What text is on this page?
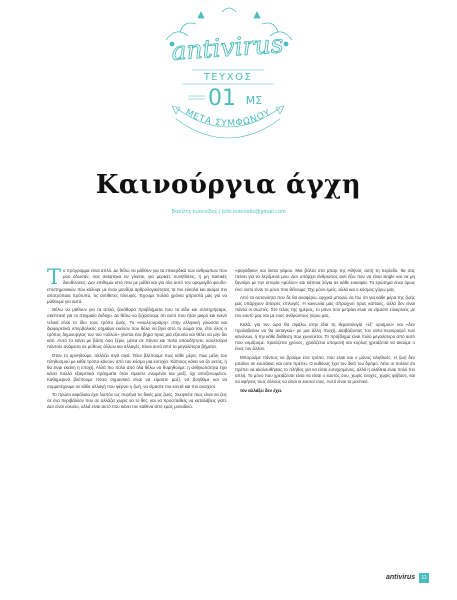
antivirus
ΤΕΥΧΟΣ
01 ΜΣ
ΜΕΤΑ ΣΥΜΦΩΝΟΥ
Καινούργια άγχη
Βασίλης Ιωαννίδης | tolis.ioannidis@gmail.com
Τ ο πρόγραμμα είναι απλό. Δε θέλω να μάθουν για τα επικερδικά των ανθρώπων που μου έδωσαν, σας σκέφτηκα αν γίνεται, για μερικές συνηθίσεις, ή μη τακτικές διευθύνσεις. Δεν επιθυμώ ιστό που με μάθει και για όλο αυτό τον ορυμαγδό ψευδο-επιστημονικών που κάλυψε με έναν μανδύα αρθρολογικότητας τα πιο εύκολα και ακόμα πιο αποτρόπαια πρότυπα, τις αντίθετες πλευρές. Έχουμε πολλά χρόνια μπροστά μας για να μάθουμε για αυτά.

Θέλω να μάθουν για τα απλά, ξεκάθαρα προβλήματα που τα είδα και συντηρήσαμε, σκεπτικοί για το στιγμιαίο έκδοχο. Δε θέλω να ξεχάσουμε ότι αυτό που ήταν μικρό και κοινό τελικά είναι το ίδιο τους τρόπο ζωής. Το «κουλτουριάρη» στην ελληνική γλώσσα και διαφορετικά υπερβολικός σημαίνει εκείνον που θέλει να βγει από το σώμα του, έτσι όλος ο τρόπος δημιουργίας του τού «αλλού» γίνεται ένα βήμα προς μια εξουσία και θέλει να μην δει κάτι. Αυτό το κάνει με βάση όσα ξέρει, μέσα σε πάντα και πολύ οπουδήποτε, κουλτούρα πάντοτε ανάμεσα σε μύθους άλλων και αλλαγές. Είναι αυτό από τα μεγαλύτερα βήματα.

Όταν το αρνηθούμε, αλλάζει σιγά σιγά. Όλοι βλέπουμε πως κάθε μέρα, πώς μέλη του πληθυσμού με κάθε τρόπο κάνουν από τον κόσμο μια ευτυχία. Κάποιος κάνει να ζει εκτός, ή θα είναι εκείνη η εποχή. Αλλά πιο πολύ από όλα θέλω να θυμηθούμε: η ανθρωπότητα έχει κάνει πολλά εξαιρετικά πράγματα όταν είμαστε ενωμένοι και μαζί, όχι αποξενωμένοι. Καθημερινά βλέπουμε πόσο σημαντικό είναι να είμαστε μαζί, να βοηθάμε και να συμμετέχουμε σε κάθε αλλαγή που φέρνει η ζωή, να είμαστε πιο κοντά και πιο ανοιχτοί.

Το πρώτο κεφάλαιο έχει λοιπόν ως πυρήνα τις δικές μας ζωές. Σκεφτείτε πως είναι να ζεις σε ένα περιβάλλον που σε αλλάζει χωρίς να το θες, και να προσπαθείς να καταλάβεις γιατί. Δεν είναι εύκολο, αλλά είναι αυτό που κάνει τον καθένα από εμάς μοναδικό.

«φαγάδικα» και λίστα γάμου. Μια βόλτα στα μπαρ της Αθήνας αυτή τη περίοδο, θα σας πείσει για τα λεγόμενά μου. Δεν υπάρχει άνθρωπος εκεί έξω που να είναι single και να μη ξανοίγει με την ιστορία «φύλλο» και κάποια λόγια σε κάθε ευκαιρία. Το ερώτημα είναι όμως ένα: αυτό είναι το μόνο που θέλουμε; Όχι μόνο εμείς, αλλά και ο κόσμος γύρω μας.

Από τα αυτονόητα που δε θα αναφέρω, αρχικά μπορώ να πω ότι για κάθε μέρα της ζωής μας υπάρχουν άπειρες επιλογές. Η κοινωνία μας σπρώχνει προς κάποιες, αλλά δεν είναι πάντα οι σωστές. Στο τέλος της ημέρας, το μόνο που μετράει είναι να είμαστε ειλικρινείς με τον εαυτό μας και με τους ανθρώπους γύρω μας.

Καλά, για τον ώρα θα σφάλω στην ίδια τη θεματολογία «εξ' ορισμού» και «δεν προλαβαίνω να θα ανταγκώ» με μια άλλη πτυχή. Διαβάζοντας τον αντο-περιορισμό των κανόνων, ή την κάθε διάθεση που χωνεύεται. Το πρόβλημα είναι πολύ μεγαλύτερο από αυτό που νομίζουμε. Χρειάζεται χρόνος, χρειάζεται υπομονή και κυρίως χρειάζεται να ακούμε ο ένας τον άλλον.

Μπορούμε πάντως να βρούμε ένα τρόπο, που είναι και ο μόνος αληθινός. Η ζωή δεν μπαίνει σε κουτάκια, και ούτε πρέπει. Ο καθένας έχει τον δικό του δρόμο. Λένε οι πολλοί ότι πρέπει να ακολουθήσεις το πλήθος για να είσαι ευτυχισμένος, αλλά η αλήθεια είναι πολύ πιο απλή. Το μόνο που χρειάζεσαι είναι να είσαι ο εαυτός σου, χωρίς ενοχές, χωρίς φόβους, και να αφήνεις τους άλλους να είναι οι εαυτοί τους. Αυτό είναι το μυστικό.

τον αλλάξει δεν έχει.

antivirus	11
